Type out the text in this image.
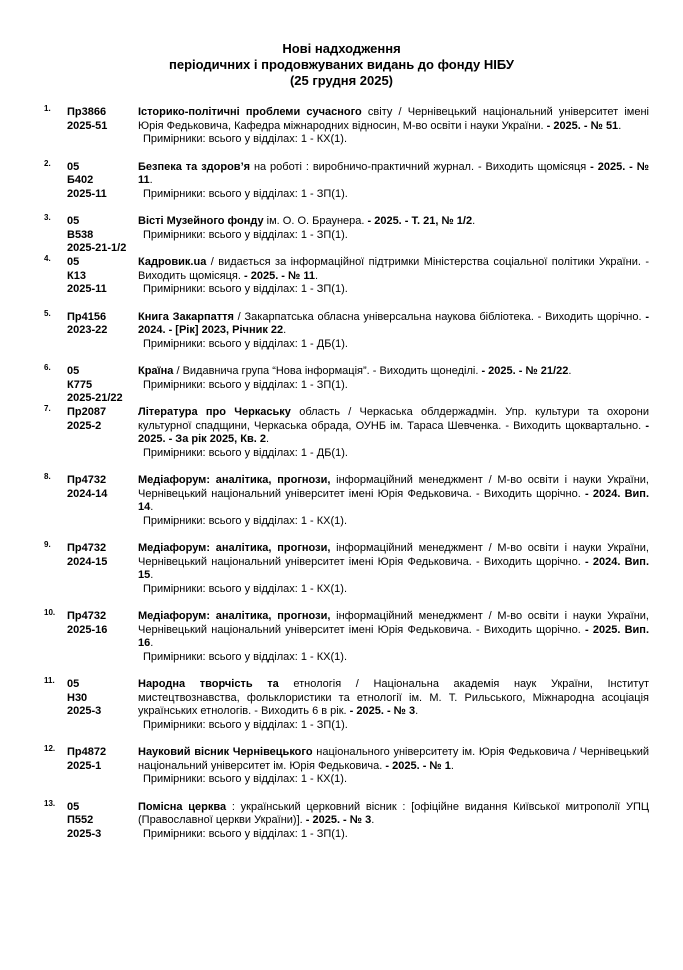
Нові надходження
періодичних і продовжуваних видань до фонду НІБУ
(25 грудня 2025)
1. Пр3866
2025-51
Історико-політичні проблеми сучасного світу / Чернівецький національний університет імені Юрія Федьковича, Кафедра міжнародних відносин, М-во освіти і науки України. - 2025. - № 51.
Примірники: всього у відділах: 1 - КХ(1).
2. 05
Б402
2025-11
Безпека та здоров’я на роботі : виробничо-практичний журнал. - Виходить щомісяця - 2025. - № 11.
Примірники: всього у відділах: 1 - ЗП(1).
3. 05
В538
2025-21-1/2
Вісті Музейного фонду ім. О. О. Браунера. - 2025. - Т. 21, № 1/2.
Примірники: всього у відділах: 1 - ЗП(1).
4. 05
К13
2025-11
Кадровик.ua / видається за інформаційної підтримки Міністерства соціальної політики України. - Виходить щомісяця. - 2025. - № 11.
Примірники: всього у відділах: 1 - ЗП(1).
5. Пр4156
2023-22
Книга Закарпаття / Закарпатська обласна універсальна наукова бібліотека. - Виходить щорічно. - 2024. - [Рік] 2023, Річник 22.
Примірники: всього у відділах: 1 - ДБ(1).
6. 05
К775
2025-21/22
Країна / Видавнича група “Нова інформація”. - Виходить щонеділі. - 2025. - № 21/22.
Примірники: всього у відділах: 1 - ЗП(1).
7. Пр2087
2025-2
Література про Черкаську область / Черкаська облдержадмін. Упр. культури та охорони культурної спадщини, Черкаська обрада, ОУНБ ім. Тараса Шевченка. - Виходить щоквартально. - 2025. - За рік 2025, Кв. 2.
Примірники: всього у відділах: 1 - ДБ(1).
8. Пр4732
2024-14
Медіафорум: аналітика, прогнози, інформаційний менеджмент / М-во освіти і науки України, Чернівецький національний університет імені Юрія Федьковича. - Виходить щорічно. - 2024. Вип. 14.
Примірники: всього у відділах: 1 - КХ(1).
9. Пр4732
2024-15
Медіафорум: аналітика, прогнози, інформаційний менеджмент / М-во освіти і науки України, Чернівецький національний університет імені Юрія Федьковича. - Виходить щорічно. - 2024. Вип. 15.
Примірники: всього у відділах: 1 - КХ(1).
10. Пр4732
2025-16
Медіафорум: аналітика, прогнози, інформаційний менеджмент / М-во освіти і науки України, Чернівецький національний університет імені Юрія Федьковича. - Виходить щорічно. - 2025. Вип. 16.
Примірники: всього у відділах: 1 - КХ(1).
11. 05
Н30
2025-3
Народна творчість та етнологія / Національна академія наук України, Інститут мистецтвознавства, фольклористики та етнології ім. М. Т. Рильського, Міжнародна асоціація українських етнологів. - Виходить 6 в рік. - 2025. - № 3.
Примірники: всього у відділах: 1 - ЗП(1).
12. Пр4872
2025-1
Науковий вісник Чернівецького національного університету ім. Юрія Федьковича / Чернівецький національний університет ім. Юрія Федьковича. - 2025. - № 1.
Примірники: всього у відділах: 1 - КХ(1).
13. 05
П552
2025-3
Помісна церква : український церковний вісник : [офіційне видання Київської митрополії УПЦ (Православної церкви України)]. - 2025. - № 3.
Примірники: всього у відділах: 1 - ЗП(1).
